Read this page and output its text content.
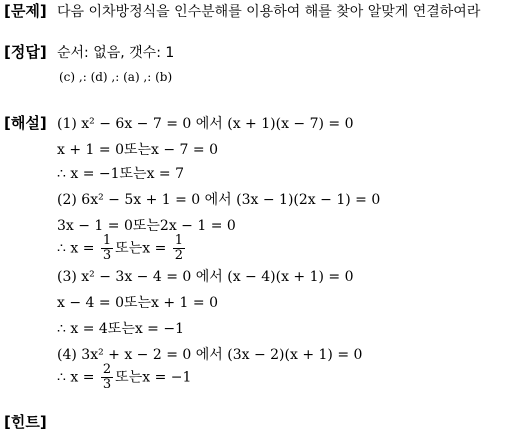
[문제] 다음 이차방정식을 인수분해를 이용하여 해를 찾아 알맞게 연결하여라
[정답] 순서: 없음, 갯수: 1
(c) ,: (d) ,: (a) ,: (b)
[해설] (1) x² − 6x − 7 = 0 에서 (x + 1)(x − 7) = 0
x + 1 = 0또는x − 7 = 0
∴ x = −1또는x = 7
(2) 6x² − 5x + 1 = 0 에서 (3x − 1)(2x − 1) = 0
3x − 1 = 0또는2x − 1 = 0
∴ $x = \frac{1}{3}$ 또는$x = \frac{1}{2}$
(3) x² − 3x − 4 = 0 에서 (x − 4)(x + 1) = 0
x − 4 = 0또는x + 1 = 0
∴ x = 4또는x = −1
(4) 3x² + x − 2 = 0 에서 (3x − 2)(x + 1) = 0
∴ $x = \frac{2}{3}$ 또는x = −1
[힌트]
